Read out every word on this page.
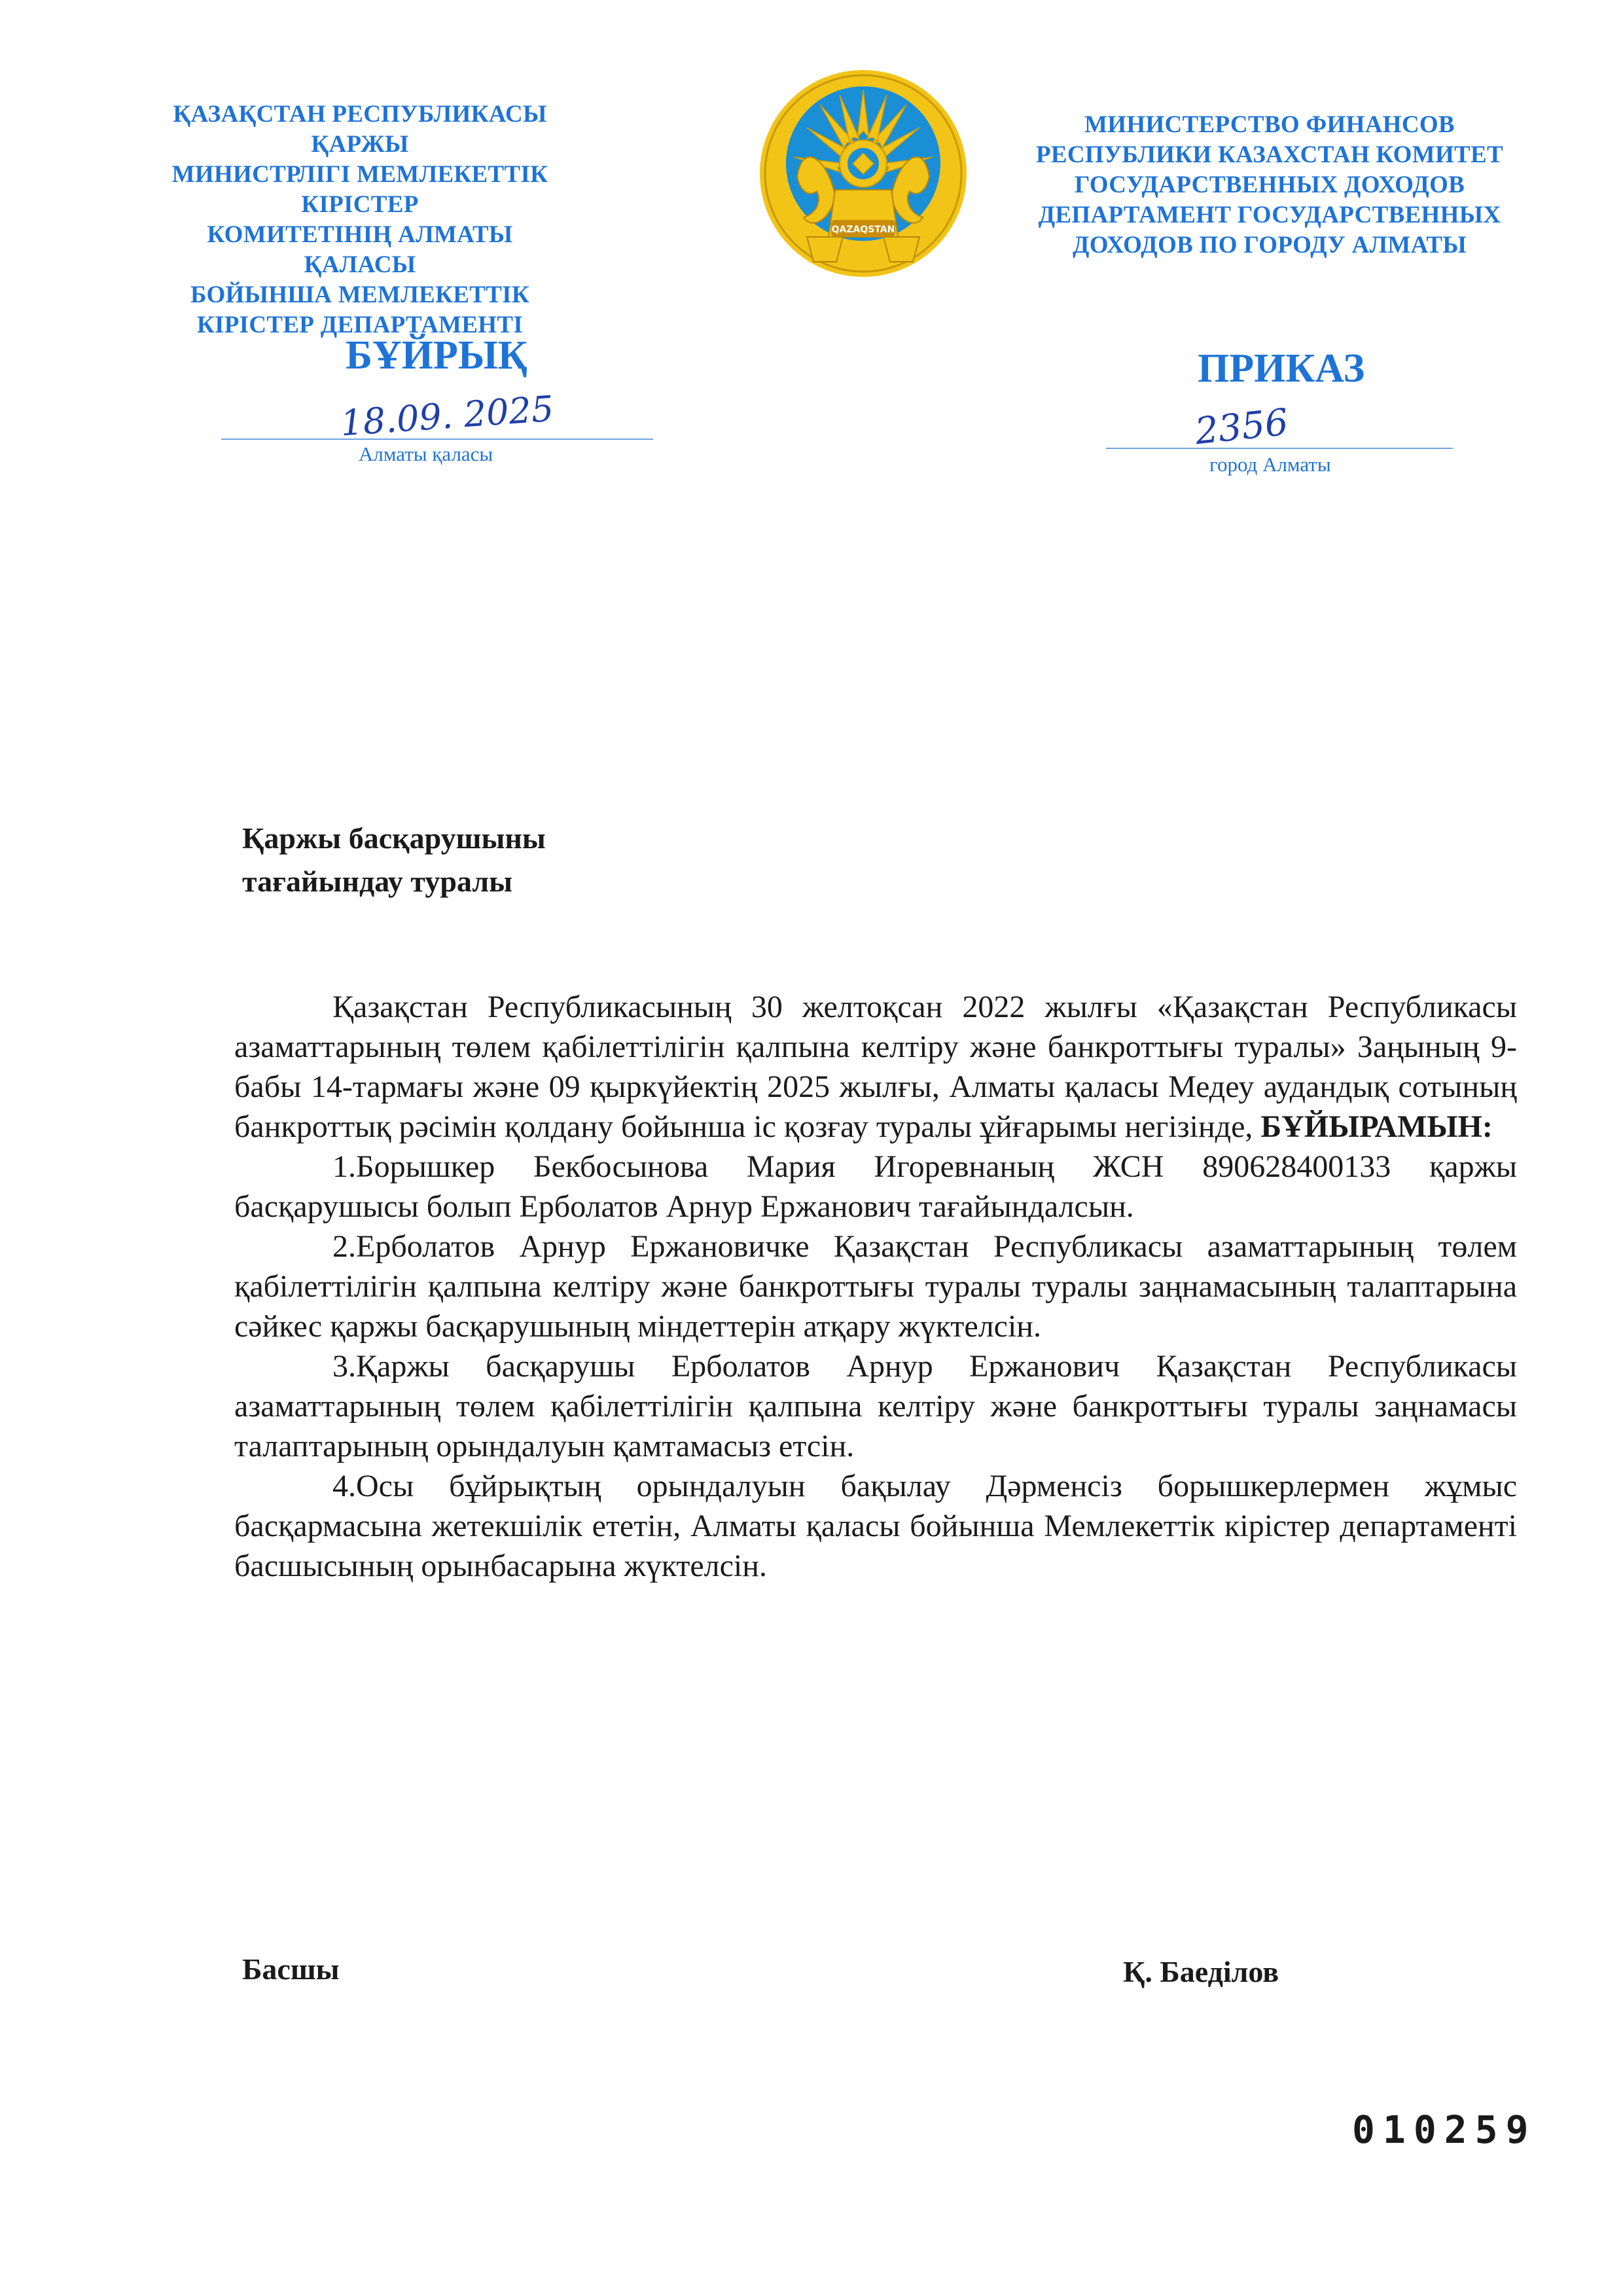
ҚАЗАҚСТАН РЕСПУБЛИКАСЫ ҚАРЖЫ
МИНИСТРЛІГІ МЕМЛЕКЕТТІК КІРІСТЕР
КОМИТЕТІНІҢ АЛМАТЫ ҚАЛАСЫ
БОЙЫНША МЕМЛЕКЕТТІК
КІРІСТЕР ДЕПАРТАМЕНТІ
QAZAQSTAN
МИНИСТЕРСТВО ФИНАНСОВ
РЕСПУБЛИКИ КАЗАХСТАН КОМИТЕТ
ГОСУДАРСТВЕННЫХ ДОХОДОВ
ДЕПАРТАМЕНТ ГОСУДАРСТВЕННЫХ
ДОХОДОВ ПО ГОРОДУ АЛМАТЫ
БҰЙРЫҚ	ПРИКАЗ
18.09. 2025
Алматы қаласы
2356
город Алматы
Қаржы басқарушыны
тағайындау туралы

Қазақстан Республикасының 30 желтоқсан 2022 жылғы «Қазақстан Республикасы азаматтарының төлем қабілеттілігін қалпына келтіру және банкроттығы туралы» Заңының 9-бабы 14-тармағы және 09 қыркүйектің 2025 жылғы, Алматы қаласы Медеу аудандық сотының банкроттық рәсімін қолдану бойынша іс қозғау туралы ұйғарымы негізінде, БҰЙЫРАМЫН:

1.Борышкер Бекбосынова Мария Игоревнаның ЖСН 890628400133 қаржы басқарушысы болып Ерболатов Арнур Ержанович тағайындалсын.

2.Ерболатов Арнур Ержановичке Қазақстан Республикасы азаматтарының төлем қабілеттілігін қалпына келтіру және банкроттығы туралы туралы заңнамасының талаптарына сәйкес қаржы басқарушының міндеттерін атқару жүктелсін.

3.Қаржы басқарушы Ерболатов Арнур Ержанович Қазақстан Республикасы азаматтарының төлем қабілеттілігін қалпына келтіру және банкроттығы туралы заңнамасы талаптарының орындалуын қамтамасыз етсін.

4.Осы бұйрықтың орындалуын бақылау Дәрменсіз борышкерлермен жұмыс басқармасына жетекшілік ететін, Алматы қаласы бойынша Мемлекеттік кірістер департаменті басшысының орынбасарына жүктелсін.

Басшы	Қ. Баеділов
010259
